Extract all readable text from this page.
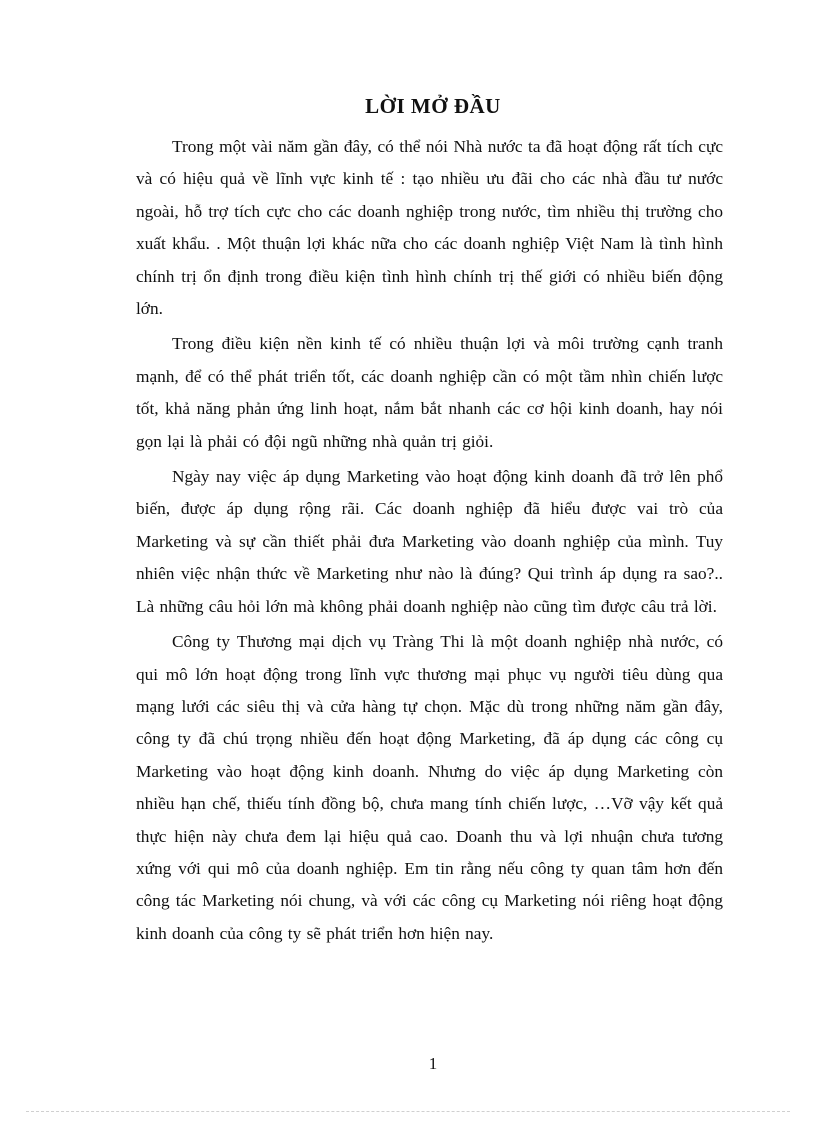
LỜI MỞ ĐẦU

Trong một vài năm gần đây, có thể nói Nhà nước ta đã hoạt động rất tích cực và có hiệu quả về lĩnh vực kinh tế : tạo nhiều ưu đãi cho các nhà đầu tư nước ngoài, hỗ trợ tích cực cho các doanh nghiệp trong nước, tìm nhiều thị trường cho xuất khẩu. . Một thuận lợi khác nữa cho các doanh nghiệp Việt Nam là tình hình chính trị ổn định trong điều kiện tình hình chính trị thế giới có nhiều biến động lớn.

Trong điều kiện nền kinh tế có nhiều thuận lợi và môi trường cạnh tranh mạnh, để có thể phát triển tốt, các doanh nghiệp cần có một tầm nhìn chiến lược tốt, khả năng phản ứng linh hoạt, nắm bắt nhanh các cơ hội kinh doanh, hay nói gọn lại là phải có đội ngũ những nhà quản trị giỏi.

Ngày nay việc áp dụng Marketing vào hoạt động kinh doanh đã trở lên phổ biến, được áp dụng rộng rãi. Các doanh nghiệp đã hiểu được vai trò của Marketing và sự cần thiết phải đưa Marketing vào doanh nghiệp của mình. Tuy nhiên việc nhận thức về Marketing như nào là đúng? Qui trình áp dụng ra sao?.. Là những câu hỏi lớn mà không phải doanh nghiệp nào cũng tìm được câu trả lời.

Công ty Thương mại dịch vụ Tràng Thi là một doanh nghiệp nhà nước, có qui mô lớn hoạt động trong lĩnh vực thương mại phục vụ người tiêu dùng qua mạng lưới các siêu thị và cửa hàng tự chọn. Mặc dù trong những năm gần đây, công ty đã chú trọng nhiều đến hoạt động Marketing, đã áp dụng các công cụ Marketing vào hoạt động kinh doanh. Nhưng do việc áp dụng Marketing còn nhiều hạn chế, thiếu tính đồng bộ, chưa mang tính chiến lược, …Vỡ vậy kết quả thực hiện này chưa đem lại hiệu quả cao. Doanh thu và lợi nhuận chưa tương xứng với qui mô của doanh nghiệp. Em tin rằng nếu công ty quan tâm hơn đến công tác Marketing nói chung, và với các công cụ Marketing nói riêng hoạt động kinh doanh của công ty sẽ phát triển hơn hiện nay.

1
